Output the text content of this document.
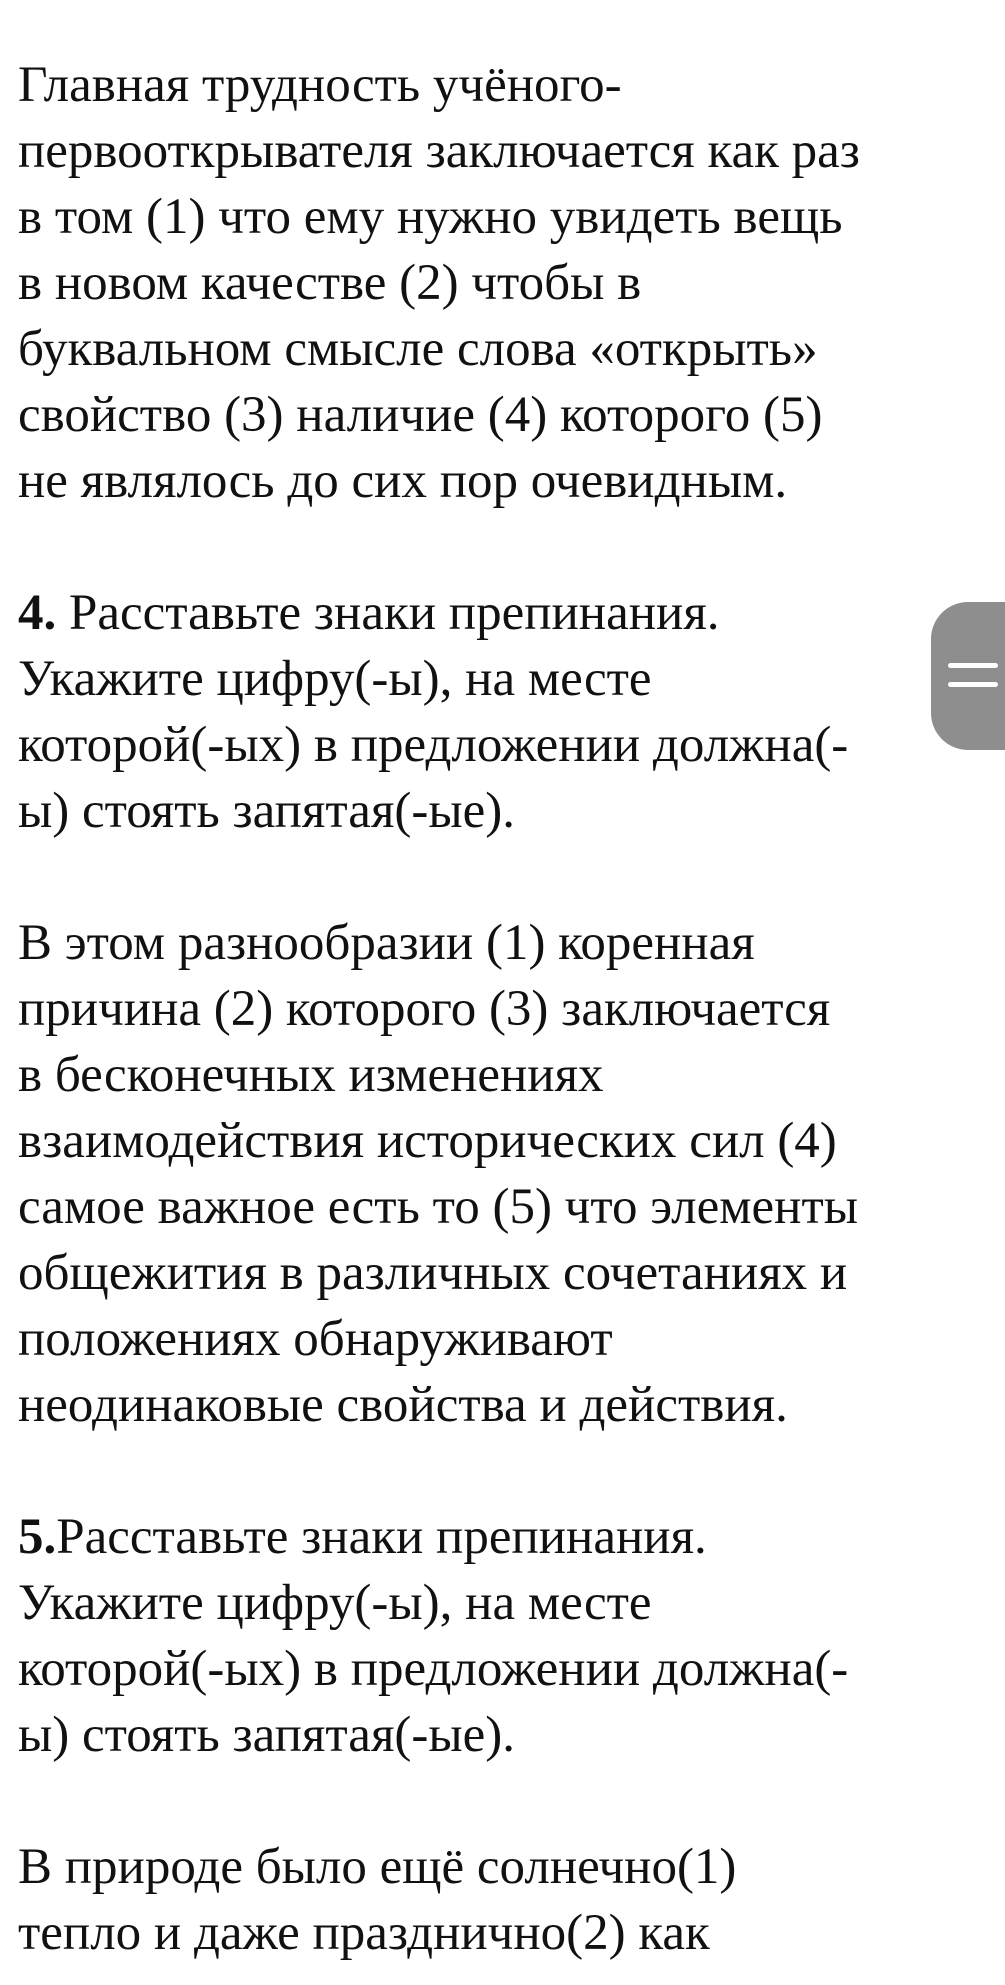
Главная трудность учёного-
первооткрывателя заключается как раз
в том (1) что ему нужно увидеть вещь
в новом качестве (2) чтобы в
буквальном смысле слова «открыть»
свойство (3) наличие (4) которого (5)
не являлось до сих пор очевидным.
4. Расставьте знаки препинания.
Укажите цифру(-ы), на месте
которой(-ых) в предложении должна(-
ы) стоять запятая(-ые).
В этом разнообразии (1) коренная
причина (2) которого (3) заключается
в бесконечных изменениях
взаимодействия исторических сил (4)
самое важное есть то (5) что элементы
общежития в различных сочетаниях и
положениях обнаруживают
неодинаковые свойства и действия.
5.Расставьте знаки препинания.
Укажите цифру(-ы), на месте
которой(-ых) в предложении должна(-
ы) стоять запятая(-ые).
В природе было ещё солнечно(1)
тепло и даже празднично(2) как
